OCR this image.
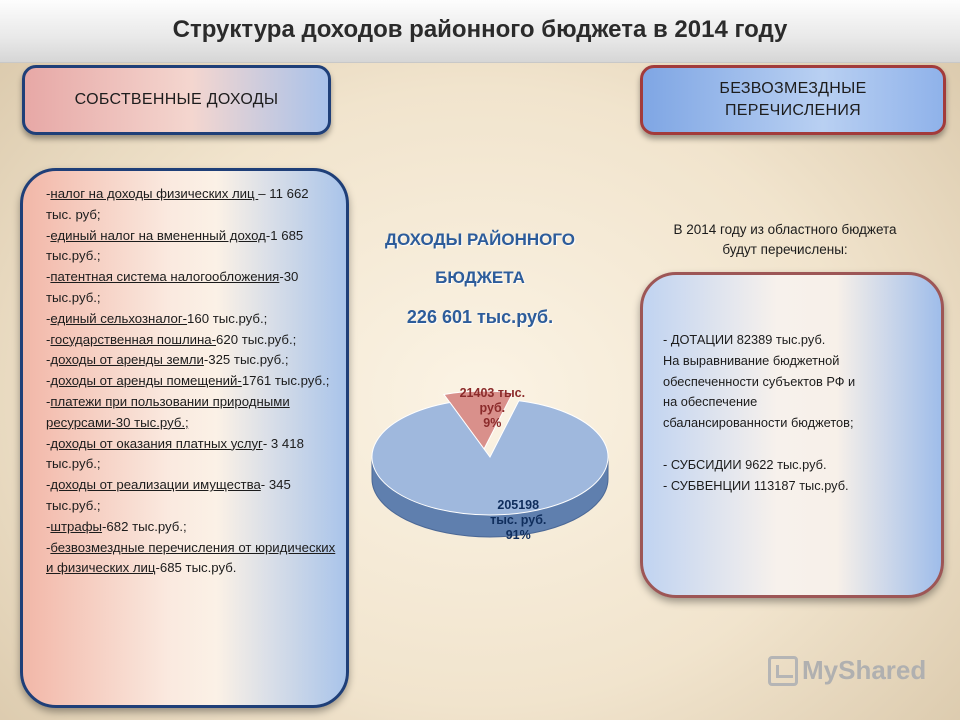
Структура доходов районного бюджета в 2014 году
СОБСТВЕННЫЕ ДОХОДЫ
БЕЗВОЗМЕЗДНЫЕ
ПЕРЕЧИСЛЕНИЯ
-налог на доходы физических лиц – 11 662 тыс. руб;
-единый налог на вмененный доход-1 685 тыс.руб.;
-патентная система налогообложения-30 тыс.руб.;
-единый сельхозналог-160 тыс.руб.;
-государственная пошлина-620 тыс.руб.;
-доходы от аренды земли-325 тыс.руб.;
-доходы от аренды помещений-1761 тыс.руб.;
-платежи при пользовании природными ресурсами-30 тыс.руб.;
-доходы от оказания платных услуг- 3 418 тыс.руб.;
-доходы от реализации имущества- 345 тыс.руб.;
-штрафы-682 тыс.руб.;
-безвозмездные перечисления от юридических и физических лиц-685 тыс.руб.
ДОХОДЫ РАЙОННОГО
БЮДЖЕТА
226 601 тыс.руб.
21403 тыс.
руб.
9%
205198
тыс. руб.
91%
В 2014 году из областного бюджета будут перечислены:
- ДОТАЦИИ 82389 тыс.руб.
На выравнивание бюджетной
обеспеченности субъектов РФ и
на обеспечение
сбалансированности бюджетов;
- СУБСИДИИ 9622 тыс.руб.
- СУБВЕНЦИИ 113187 тыс.руб.
MyShared
